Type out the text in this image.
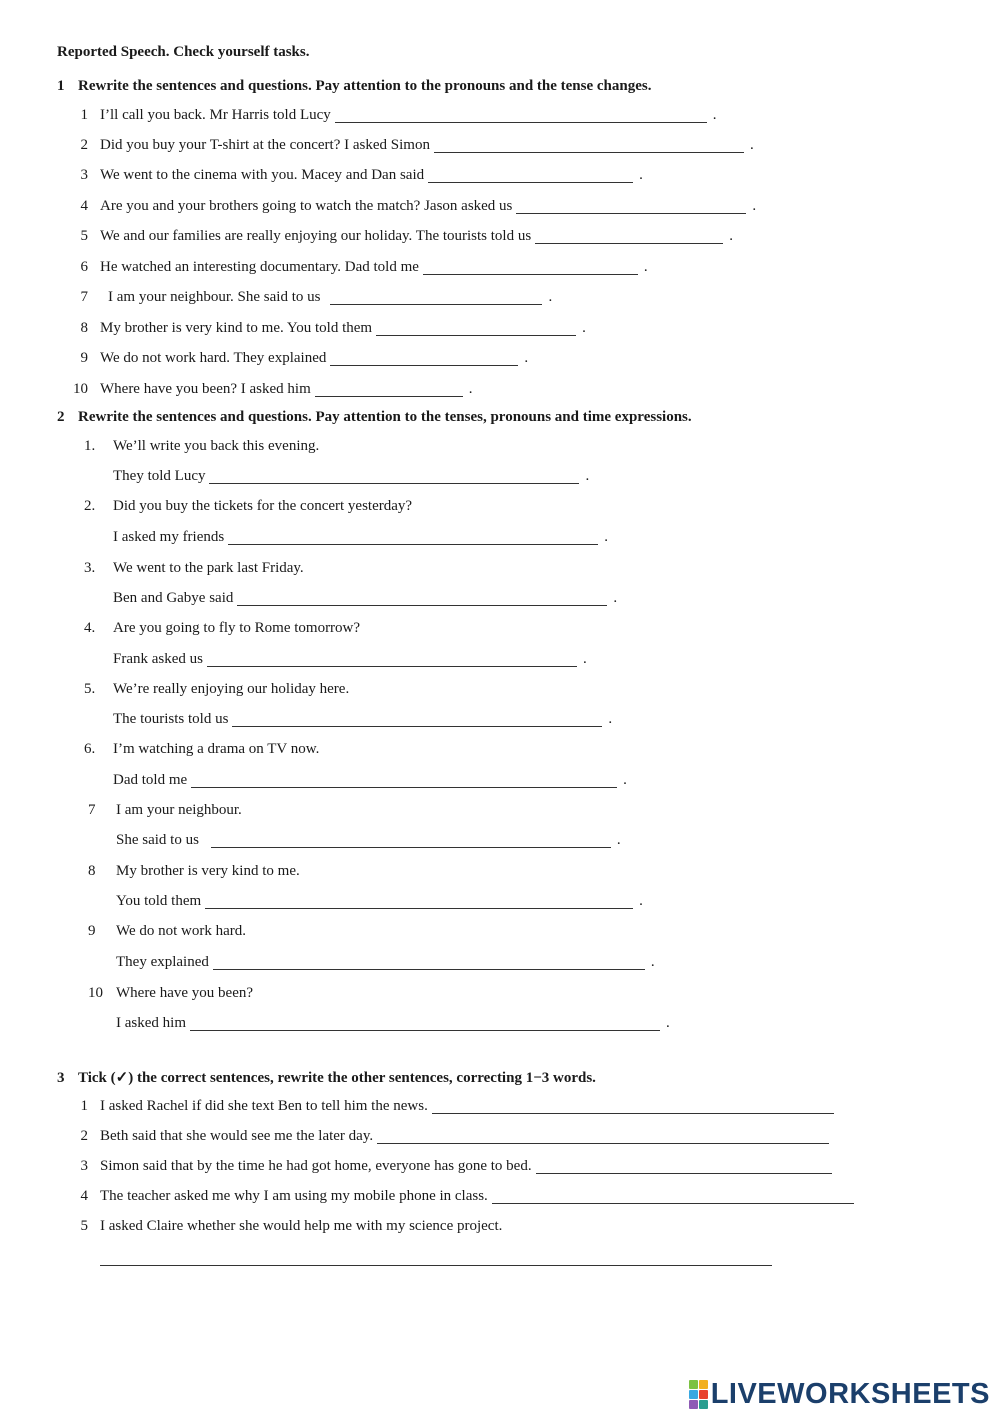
Reported Speech. Check yourself tasks.
1 Rewrite the sentences and questions. Pay attention to the pronouns and the tense changes.
1 I’ll call you back. Mr Harris told Lucy	.
2 Did you buy your T-shirt at the concert? I asked Simon	.
3 We went to the cinema with you. Macey and Dan said	.
4 Are you and your brothers going to watch the match? Jason asked us	.
5 We and our families are really enjoying our holiday. The tourists told us	.
6 He watched an interesting documentary. Dad told me	.
7 I am your neighbour. She said to us	.
8 My brother is very kind to me. You told them	.
9 We do not work hard. They explained	.
10 Where have you been? I asked him	.
2 Rewrite the sentences and questions. Pay attention to the tenses, pronouns and time expressions.
1. We’ll write you back this evening.
They told Lucy	.
2. Did you buy the tickets for the concert yesterday?
I asked my friends	.
3. We went to the park last Friday.
Ben and Gabye said	.
4. Are you going to fly to Rome tomorrow?
Frank asked us	.
5. We’re really enjoying our holiday here.
The tourists told us	.
6. I’m watching a drama on TV now.
Dad told me	.
7 I am your neighbour.
She said to us	.
8 My brother is very kind to me.
You told them	.
9 We do not work hard.
They explained	.
10 Where have you been?
I asked him	.
3 Tick (✓) the correct sentences, rewrite the other sentences, correcting 1−3 words.
1 I asked Rachel if did she text Ben to tell him the news.
2 Beth said that she would see me the later day.
3 Simon said that by the time he had got home, everyone has gone to bed.
4 The teacher asked me why I am using my mobile phone in class.
5 I asked Claire whether she would help me with my science project.
LIVEWORKSHEETS
